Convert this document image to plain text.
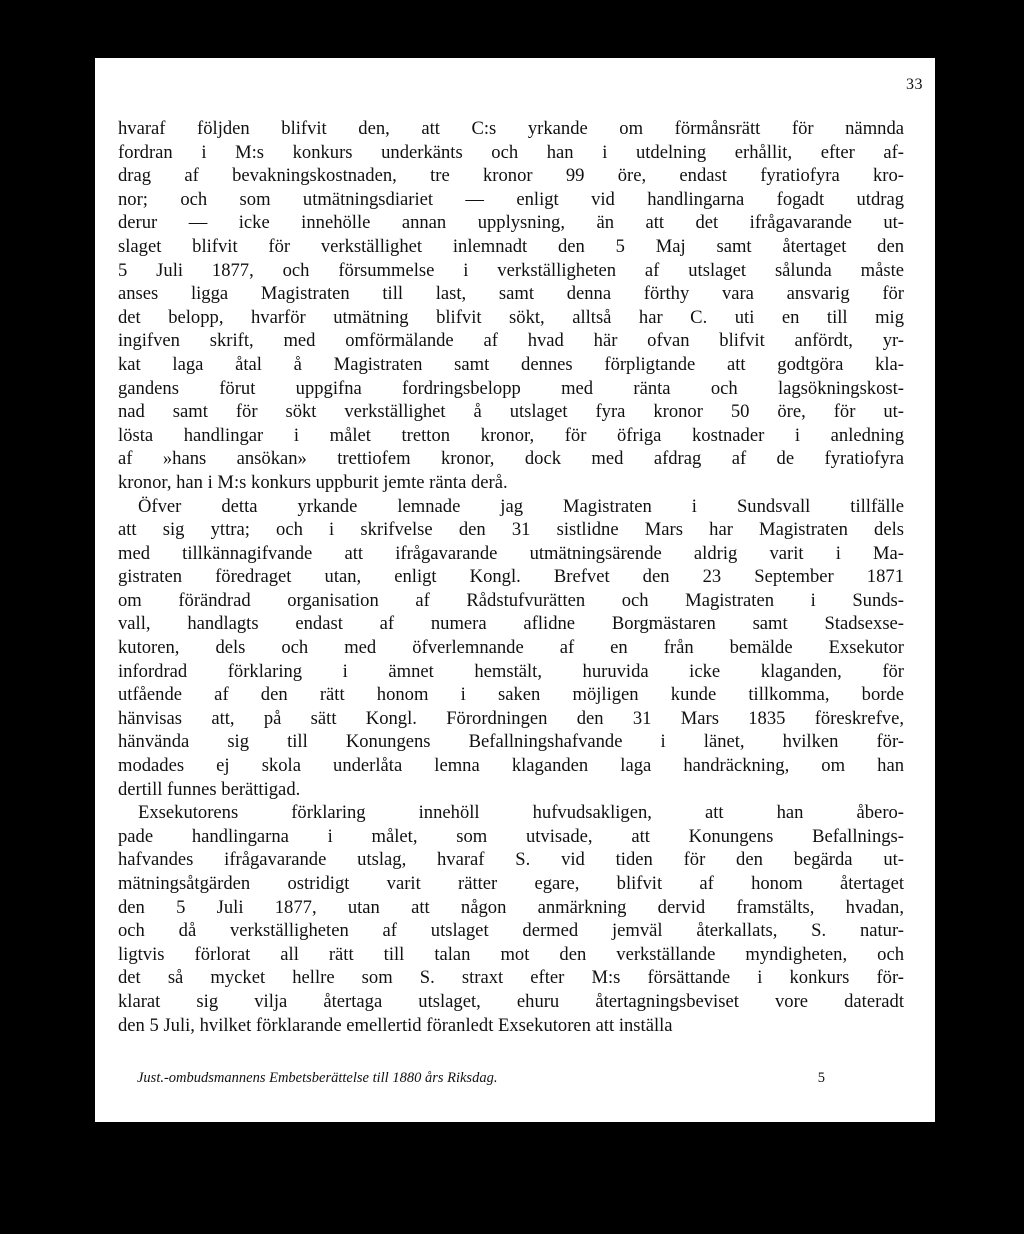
33
hvaraf följden blifvit den, att C:s yrkande om förmånsrätt för nämnda
fordran i M:s konkurs underkänts och han i utdelning erhållit, efter af-
drag af bevakningskostnaden, tre kronor 99 öre, endast fyratiofyra kro-
nor; och som utmätningsdiariet — enligt vid handlingarna fogadt utdrag
derur — icke innehölle annan upplysning, än att det ifrågavarande ut-
slaget blifvit för verkställighet inlemnadt den 5 Maj samt återtaget den
5 Juli 1877, och försummelse i verkställigheten af utslaget sålunda måste
anses ligga Magistraten till last, samt denna förthy vara ansvarig för
det belopp, hvarför utmätning blifvit sökt, alltså har C. uti en till mig
ingifven skrift, med omförmälande af hvad här ofvan blifvit anfördt, yr-
kat laga åtal å Magistraten samt dennes förpligtande att godtgöra kla-
gandens förut uppgifna fordringsbelopp med ränta och lagsökningskost-
nad samt för sökt verkställighet å utslaget fyra kronor 50 öre, för ut-
lösta handlingar i målet tretton kronor, för öfriga kostnader i anledning
af »hans ansökan» trettiofem kronor, dock med afdrag af de fyratiofyra
kronor, han i M:s konkurs uppburit jemte ränta derå.
Öfver detta yrkande lemnade jag Magistraten i Sundsvall tillfälle
att sig yttra; och i skrifvelse den 31 sistlidne Mars har Magistraten dels
med tillkännagifvande att ifrågavarande utmätningsärende aldrig varit i Ma-
gistraten föredraget utan, enligt Kongl. Brefvet den 23 September 1871
om förändrad organisation af Rådstufvurätten och Magistraten i Sunds-
vall, handlagts endast af numera aflidne Borgmästaren samt Stadsexse-
kutoren, dels och med öfverlemnande af en från bemälde Exsekutor
infordrad förklaring i ämnet hemstält, huruvida icke klaganden, för
utfående af den rätt honom i saken möjligen kunde tillkomma, borde
hänvisas att, på sätt Kongl. Förordningen den 31 Mars 1835 föreskrefve,
hänvända sig till Konungens Befallningshafvande i länet, hvilken för-
modades ej skola underlåta lemna klaganden laga handräckning, om han
dertill funnes berättigad.
Exsekutorens förklaring innehöll hufvudsakligen, att han åbero-
pade handlingarna i målet, som utvisade, att Konungens Befallnings-
hafvandes ifrågavarande utslag, hvaraf S. vid tiden för den begärda ut-
mätningsåtgärden ostridigt varit rätter egare, blifvit af honom återtaget
den 5 Juli 1877, utan att någon anmärkning dervid framstälts, hvadan,
och då verkställigheten af utslaget dermed jemväl återkallats, S. natur-
ligtvis förlorat all rätt till talan mot den verkställande myndigheten, och
det så mycket hellre som S. straxt efter M:s försättande i konkurs för-
klarat sig vilja återtaga utslaget, ehuru återtagningsbeviset vore dateradt
den 5 Juli, hvilket förklarande emellertid föranledt Exsekutoren att inställa
Just.-ombudsmannens Embetsberättelse till 1880 års Riksdag.	5
